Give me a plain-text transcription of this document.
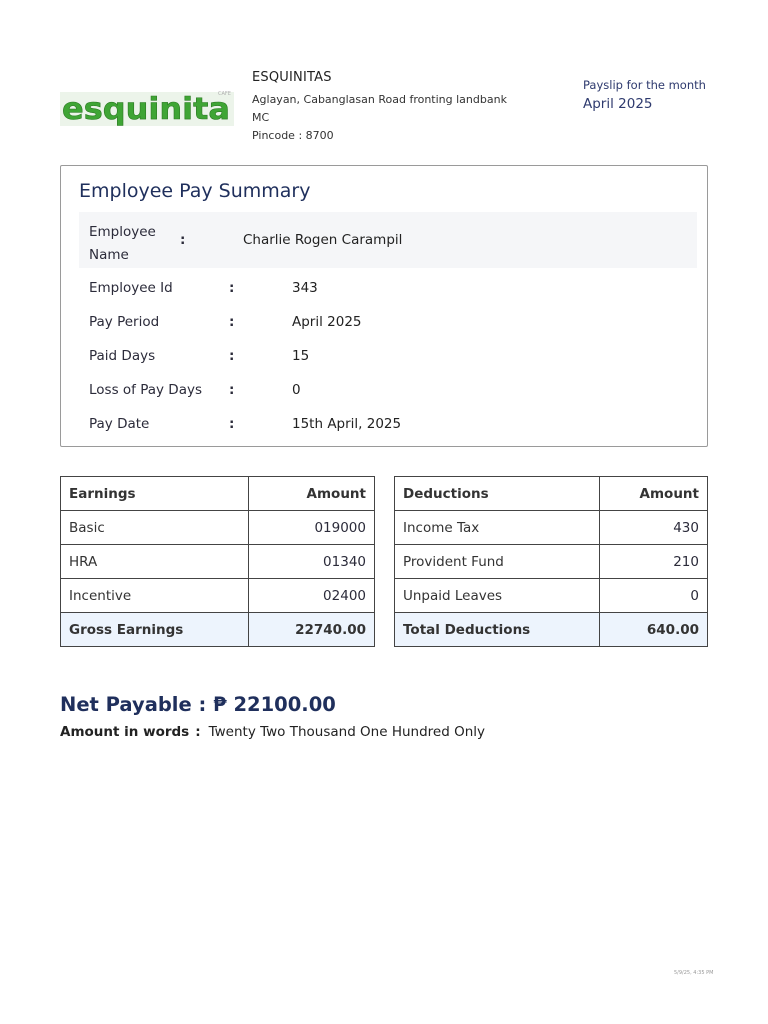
esquinita
CAFE
ESQUINITAS
Aglayan, Cabanglasan Road fronting landbank
MC
Pincode : 8700
Payslip for the month
April 2025
Employee Pay Summary
Employee Name
:	Charlie Rogen Carampil
Employee Id	:	343
Pay Period	:	April 2025
Paid Days	:	15
Loss of Pay Days :	0
Pay Date	:	15th April, 2025
Earnings	Amount
Basic	019000
HRA	01340
Incentive	02400
Gross Earnings	22740.00
Deductions	Amount
Income Tax	430
Provident Fund	210
Unpaid Leaves	0
Total Deductions	640.00
Net Payable : ₱ 22100.00
Amount in words : Twenty Two Thousand One Hundred Only
5/9/25, 4:35 PM
